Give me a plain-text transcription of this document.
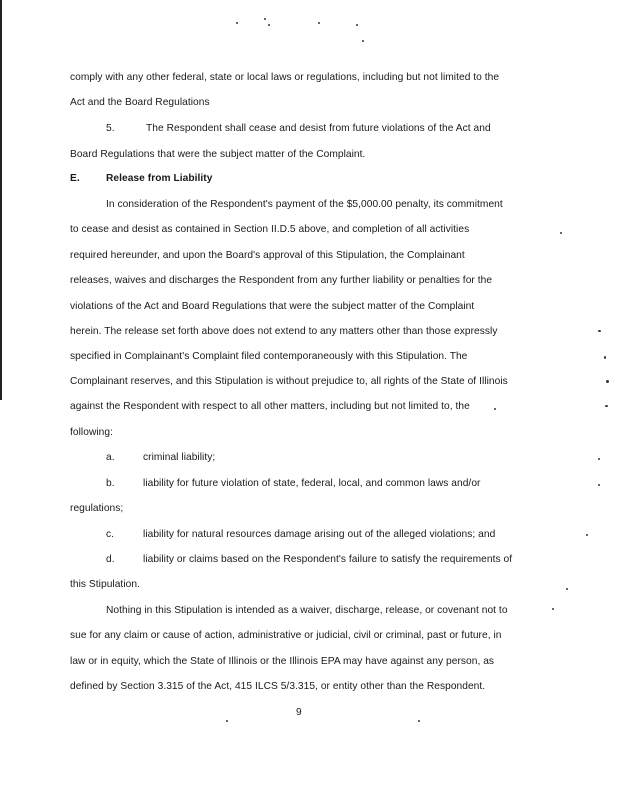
comply with any other federal, state or local laws or regulations, including but not limited to the
Act and the Board Regulations
5.	The Respondent shall cease and desist from future violations of the Act and
Board Regulations that were the subject matter of the Complaint.
E.	Release from Liability
In consideration of the Respondent's payment of the $5,000.00 penalty, its commitment
to cease and desist as contained in Section II.D.5 above, and completion of all activities
required hereunder, and upon the Board's approval of this Stipulation, the Complainant
releases, waives and discharges the Respondent from any further liability or penalties for the
violations of the Act and Board Regulations that were the subject matter of the Complaint
herein. The release set forth above does not extend to any matters other than those expressly
specified in Complainant's Complaint filed contemporaneously with this Stipulation. The
Complainant reserves, and this Stipulation is without prejudice to, all rights of the State of Illinois
against the Respondent with respect to all other matters, including but not limited to, the
following:
a.	criminal liability;
b.	liability for future violation of state, federal, local, and common laws and/or
regulations;
c.	liability for natural resources damage arising out of the alleged violations; and
d.	liability or claims based on the Respondent's failure to satisfy the requirements of
this Stipulation.
Nothing in this Stipulation is intended as a waiver, discharge, release, or covenant not to
sue for any claim or cause of action, administrative or judicial, civil or criminal, past or future, in
law or in equity, which the State of Illinois or the Illinois EPA may have against any person, as
defined by Section 3.315 of the Act, 415 ILCS 5/3.315, or entity other than the Respondent.
9
